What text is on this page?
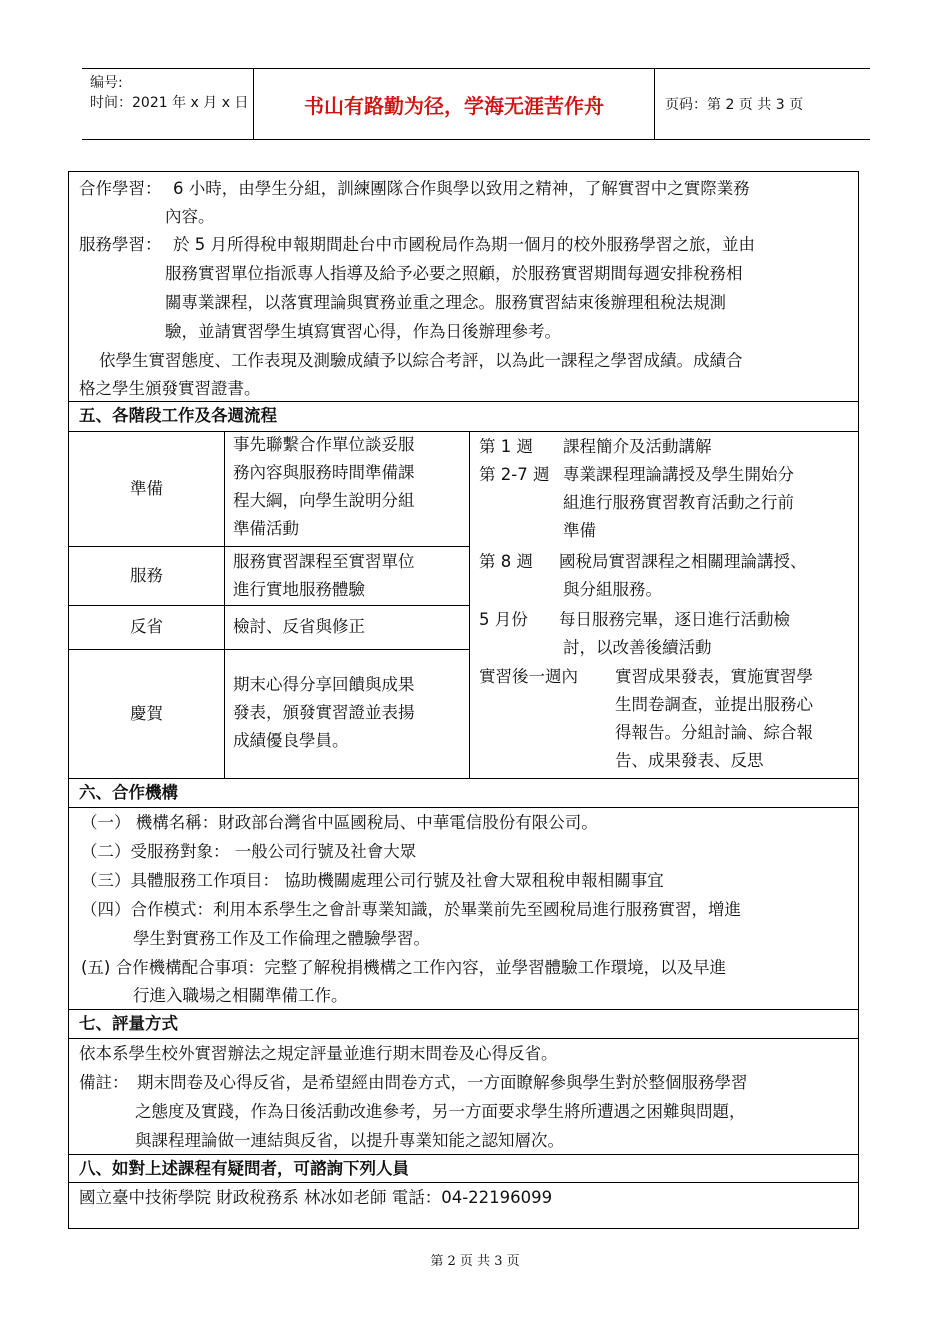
编号:
时间：2021 年 x 月 x 日	书山有路勤为径，学海无涯苦作舟	页码：第 2 页 共 3 页
合作學習： 6 小時，由學生分組，訓練團隊合作與學以致用之精神，了解實習中之實際業務
內容。
服務學習： 於 5 月所得稅申報期間赴台中市國稅局作為期一個月的校外服務學習之旅，並由
服務實習單位指派專人指導及給予必要之照顧，於服務實習期間每週安排稅務相
關專業課程，以落實理論與實務並重之理念。服務實習結束後辦理租稅法規測
驗，並請實習學生填寫實習心得，作為日後辦理參考。
依學生實習態度、工作表現及測驗成績予以綜合考評，以為此一課程之學習成績。成績合
格之學生頒發實習證書。
五、各階段工作及各週流程
準備
服務
反省
慶賀
事先聯繫合作單位談妥服
務內容與服務時間準備課
程大綱，向學生說明分組
準備活動
服務實習課程至實習單位
進行實地服務體驗
檢討、反省與修正
期末心得分享回饋與成果
發表，頒發實習證並表揚
成績優良學員。
第 1 週 課程簡介及活動講解
第 2-7 週 專業課程理論講授及學生開始分
組進行服務實習教育活動之行前
準備
第 8 週 國稅局實習課程之相關理論講授、
與分組服務。
5 月份 每日服務完畢，逐日進行活動檢
討，以改善後續活動
實習後一週內 實習成果發表，實施實習學
生問卷調查，並提出服務心
得報告。分組討論、綜合報
告、成果發表、反思
六、合作機構
（一） 機構名稱：財政部台灣省中區國稅局、中華電信股份有限公司。
（二）受服務對象： 一般公司行號及社會大眾
（三）具體服務工作項目： 協助機關處理公司行號及社會大眾租稅申報相關事宜
（四）合作模式：利用本系學生之會計專業知識，於畢業前先至國稅局進行服務實習，增進
學生對實務工作及工作倫理之體驗學習。
(五) 合作機構配合事項：完整了解稅捐機構之工作內容，並學習體驗工作環境，以及早進
行進入職場之相關準備工作。
七、評量方式
依本系學生校外實習辦法之規定評量並進行期末問卷及心得反省。
備註： 期末問卷及心得反省，是希望經由問卷方式，一方面瞭解參與學生對於整個服務學習
之態度及實踐，作為日後活動改進參考，另一方面要求學生將所遭遇之困難與問題，
與課程理論做一連結與反省，以提升專業知能之認知層次。
八、如對上述課程有疑問者，可諮詢下列人員
國立臺中技術學院 財政稅務系 林冰如老師 電話：04-22196099
第 2 页 共 3 页
